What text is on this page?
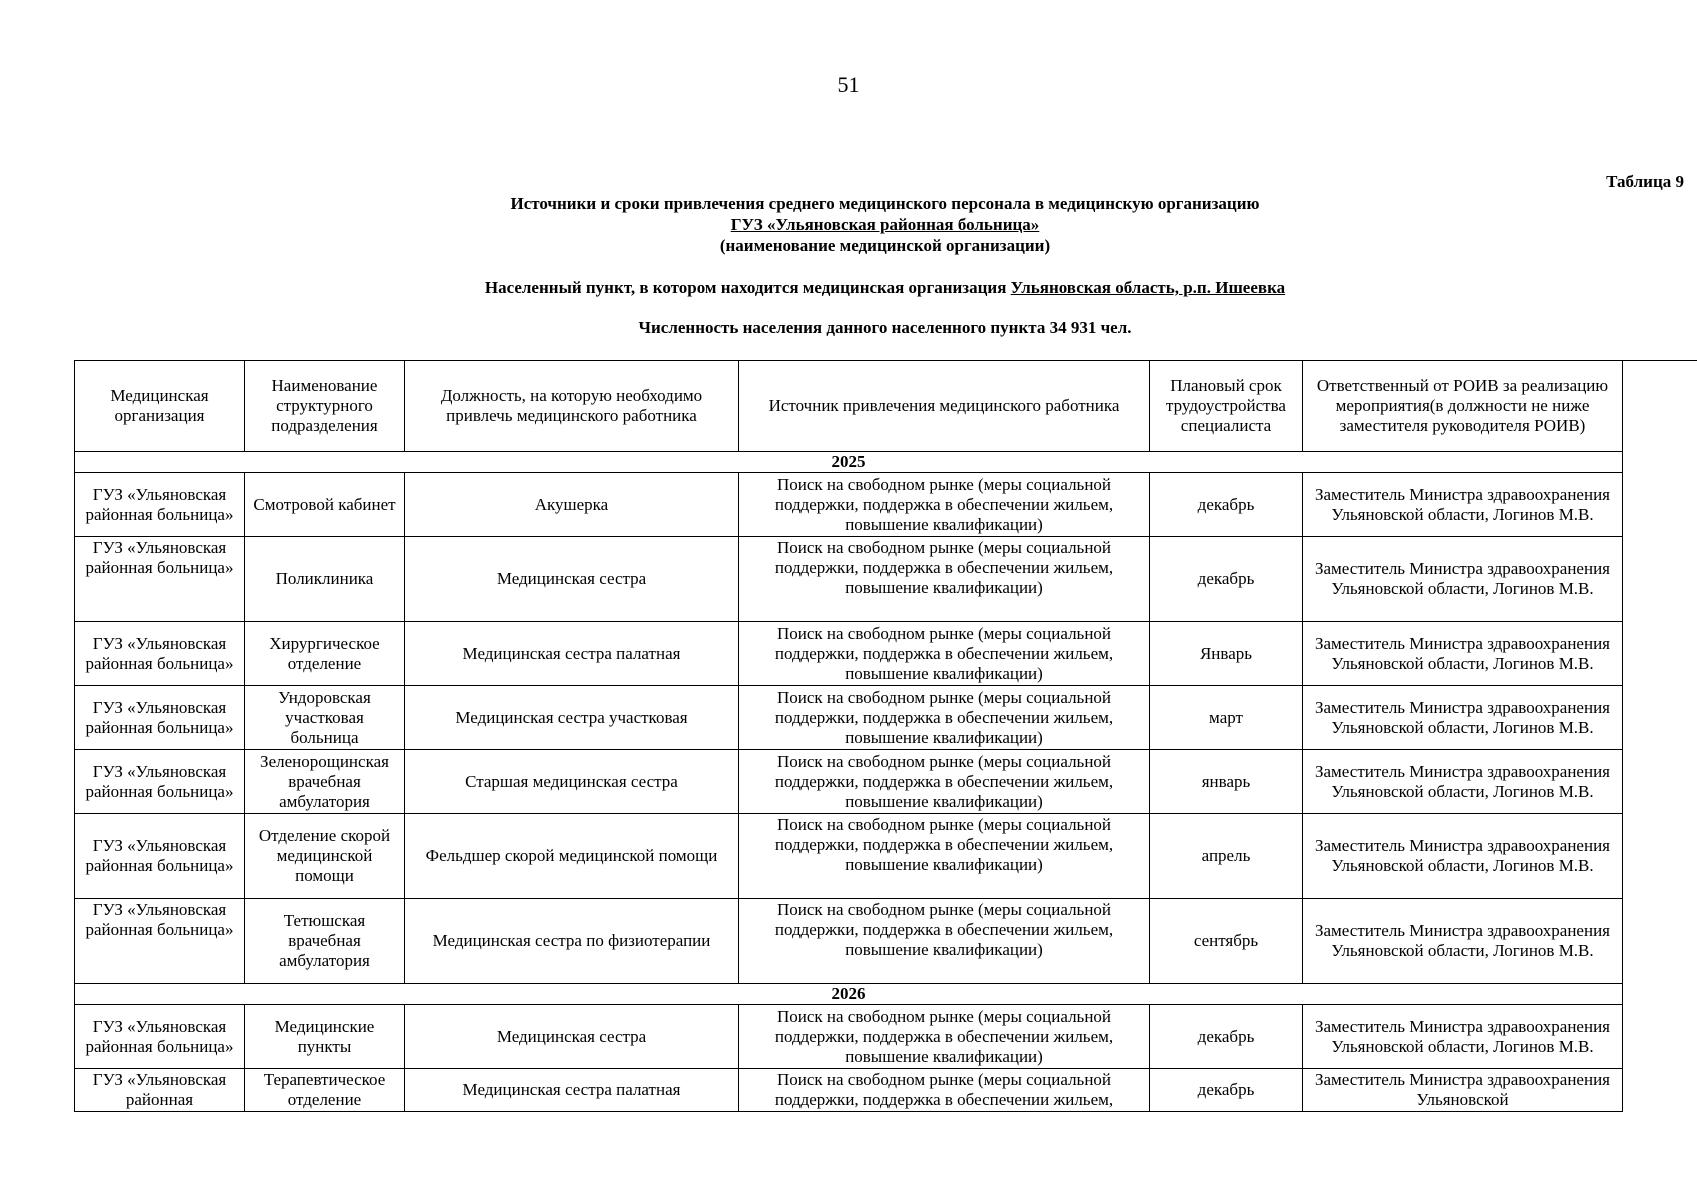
51
Таблица 9
Источники и сроки привлечения среднего медицинского персонала в медицинскую организацию
ГУЗ «Ульяновская районная больница»
(наименование медицинской организации)
Населенный пункт, в котором находится медицинская организация Ульяновская область, р.п. Ишеевка
Численность населения данного населенного пункта 34 931 чел.
Медицинская организация	Наименование структурного подразделения	Должность, на которую необходимо привлечь медицинского работника	Источник привлечения медицинского работника	Плановый срок трудоустройства специалиста	Ответственный от РОИВ за реализацию мероприятия(в должности не ниже заместителя руководителя РОИВ)
2025					
ГУЗ «Ульяновская районная больница»	Смотровой кабинет	Акушерка	Поиск на свободном рынке (меры социальной поддержки, поддержка в обеспечении жильем, повышение квалификации)	декабрь	Заместитель Министра здравоохранения Ульяновской области, Логинов М.В.
ГУЗ «Ульяновская районная больница»	Поликлиника	Медицинская сестра	Поиск на свободном рынке (меры социальной поддержки, поддержка в обеспечении жильем, повышение квалификации)	декабрь	Заместитель Министра здравоохранения Ульяновской области, Логинов М.В.
ГУЗ «Ульяновская районная больница»	Хирургическое отделение	Медицинская сестра палатная	Поиск на свободном рынке (меры социальной поддержки, поддержка в обеспечении жильем, повышение квалификации)	Январь	Заместитель Министра здравоохранения Ульяновской области, Логинов М.В.
ГУЗ «Ульяновская районная больница»	Ундоровская участковая больница	Медицинская сестра участковая	Поиск на свободном рынке (меры социальной поддержки, поддержка в обеспечении жильем, повышение квалификации)	март	Заместитель Министра здравоохранения Ульяновской области, Логинов М.В.
ГУЗ «Ульяновская районная больница»	Зеленорощинская врачебная амбулатория	Старшая медицинская сестра	Поиск на свободном рынке (меры социальной поддержки, поддержка в обеспечении жильем, повышение квалификации)	январь	Заместитель Министра здравоохранения Ульяновской области, Логинов М.В.
ГУЗ «Ульяновская районная больница»	Отделение скорой медицинской помощи	Фельдшер скорой медицинской помощи	Поиск на свободном рынке (меры социальной поддержки, поддержка в обеспечении жильем, повышение квалификации)	апрель	Заместитель Министра здравоохранения Ульяновской области, Логинов М.В.
ГУЗ «Ульяновская районная больница»	Тетюшская врачебная амбулатория	Медицинская сестра по физиотерапии	Поиск на свободном рынке (меры социальной поддержки, поддержка в обеспечении жильем, повышение квалификации)	сентябрь	Заместитель Министра здравоохранения Ульяновской области, Логинов М.В.
2026					
ГУЗ «Ульяновская районная больница»	Медицинские пункты	Медицинская сестра	Поиск на свободном рынке (меры социальной поддержки, поддержка в обеспечении жильем, повышение квалификации)	декабрь	Заместитель Министра здравоохранения Ульяновской области, Логинов М.В.
ГУЗ «Ульяновская районная	Терапевтическое отделение	Медицинская сестра палатная	Поиск на свободном рынке (меры социальной поддержки, поддержка в обеспечении жильем,	декабрь	Заместитель Министра здравоохранения Ульяновской
